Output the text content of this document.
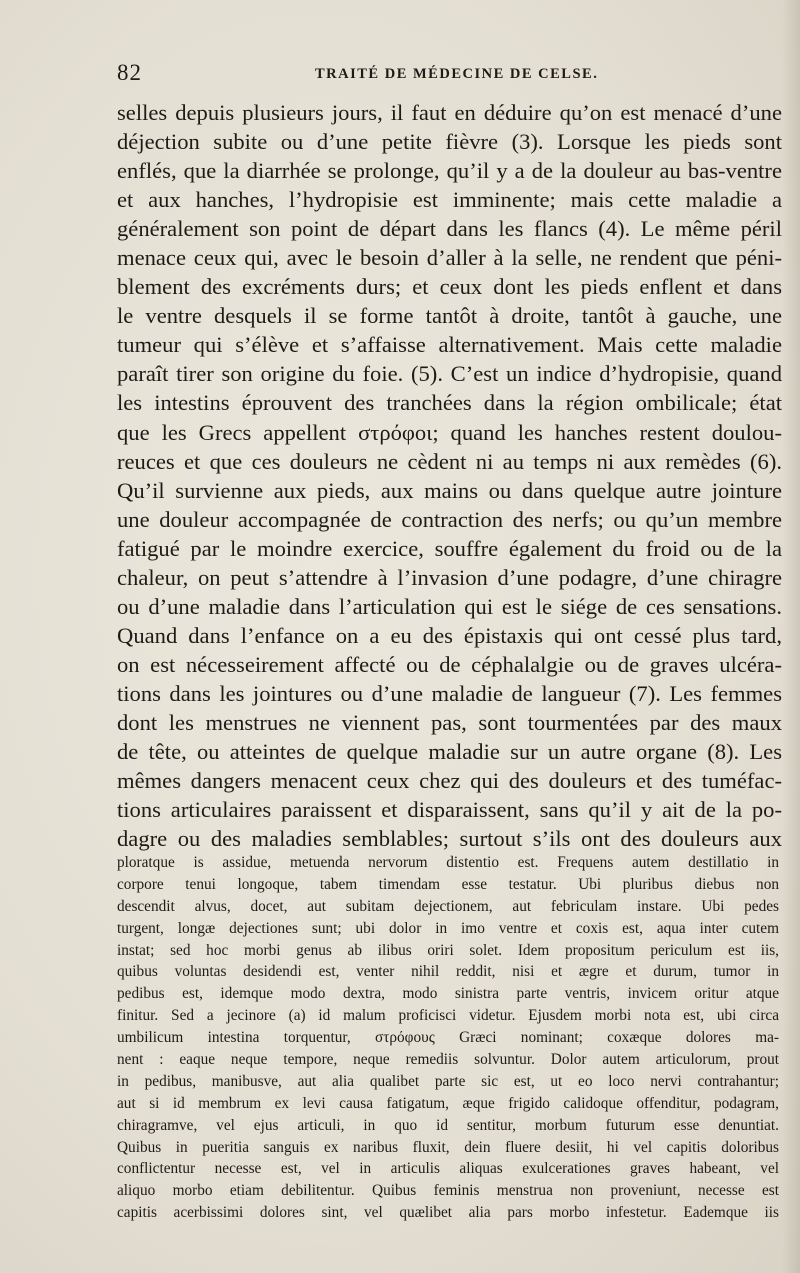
82	TRAITÉ DE MÉDECINE DE CELSE.
selles depuis plusieurs jours, il faut en déduire qu’on est menacé d’une
déjection subite ou d’une petite fièvre (3). Lorsque les pieds sont
enflés, que la diarrhée se prolonge, qu’il y a de la douleur au bas-ventre
et aux hanches, l’hydropisie est imminente; mais cette maladie a
généralement son point de départ dans les flancs (4). Le même péril
menace ceux qui, avec le besoin d’aller à la selle, ne rendent que péni-
blement des excréments durs; et ceux dont les pieds enflent et dans
le ventre desquels il se forme tantôt à droite, tantôt à gauche, une
tumeur qui s’élève et s’affaisse alternativement. Mais cette maladie
paraît tirer son origine du foie. (5). C’est un indice d’hydropisie, quand
les intestins éprouvent des tranchées dans la région ombilicale; état
que les Grecs appellent στρόφοι; quand les hanches restent doulou-
reuces et que ces douleurs ne cèdent ni au temps ni aux remèdes (6).
Qu’il survienne aux pieds, aux mains ou dans quelque autre jointure
une douleur accompagnée de contraction des nerfs; ou qu’un membre
fatigué par le moindre exercice, souffre également du froid ou de la
chaleur, on peut s’attendre à l’invasion d’une podagre, d’une chiragre
ou d’une maladie dans l’articulation qui est le siége de ces sensations.
Quand dans l’enfance on a eu des épistaxis qui ont cessé plus tard,
on est nécesseirement affecté ou de céphalalgie ou de graves ulcéra-
tions dans les jointures ou d’une maladie de langueur (7). Les femmes
dont les menstrues ne viennent pas, sont tourmentées par des maux
de tête, ou atteintes de quelque maladie sur un autre organe (8). Les
mêmes dangers menacent ceux chez qui des douleurs et des tuméfac-
tions articulaires paraissent et disparaissent, sans qu’il y ait de la po-
dagre ou des maladies semblables; surtout s’ils ont des douleurs aux
ploratque is assidue, metuenda nervorum distentio est. Frequens autem destillatio in
corpore tenui longoque, tabem timendam esse testatur. Ubi pluribus diebus non
descendit alvus, docet, aut subitam dejectionem, aut febriculam instare. Ubi pedes
turgent, longæ dejectiones sunt; ubi dolor in imo ventre et coxis est, aqua inter cutem
instat; sed hoc morbi genus ab ilibus oriri solet. Idem propositum periculum est iis,
quibus voluntas desidendi est, venter nihil reddit, nisi et ægre et durum, tumor in
pedibus est, idemque modo dextra, modo sinistra parte ventris, invicem oritur atque
finitur. Sed a jecinore (a) id malum proficisci videtur. Ejusdem morbi nota est, ubi circa
umbilicum intestina torquentur, στρόφους Græci nominant; coxæque dolores ma-
nent : eaque neque tempore, neque remediis solvuntur. Dolor autem articulorum, prout
in pedibus, manibusve, aut alia qualibet parte sic est, ut eo loco nervi contrahantur;
aut si id membrum ex levi causa fatigatum, æque frigido calidoque offenditur, podagram,
chiragramve, vel ejus articuli, in quo id sentitur, morbum futurum esse denuntiat.
Quibus in pueritia sanguis ex naribus fluxit, dein fluere desiit, hi vel capitis doloribus
conflictentur necesse est, vel in articulis aliquas exulcerationes graves habeant, vel
aliquo morbo etiam debilitentur. Quibus feminis menstrua non proveniunt, necesse est
capitis acerbissimi dolores sint, vel quælibet alia pars morbo infestetur. Eademque iis
